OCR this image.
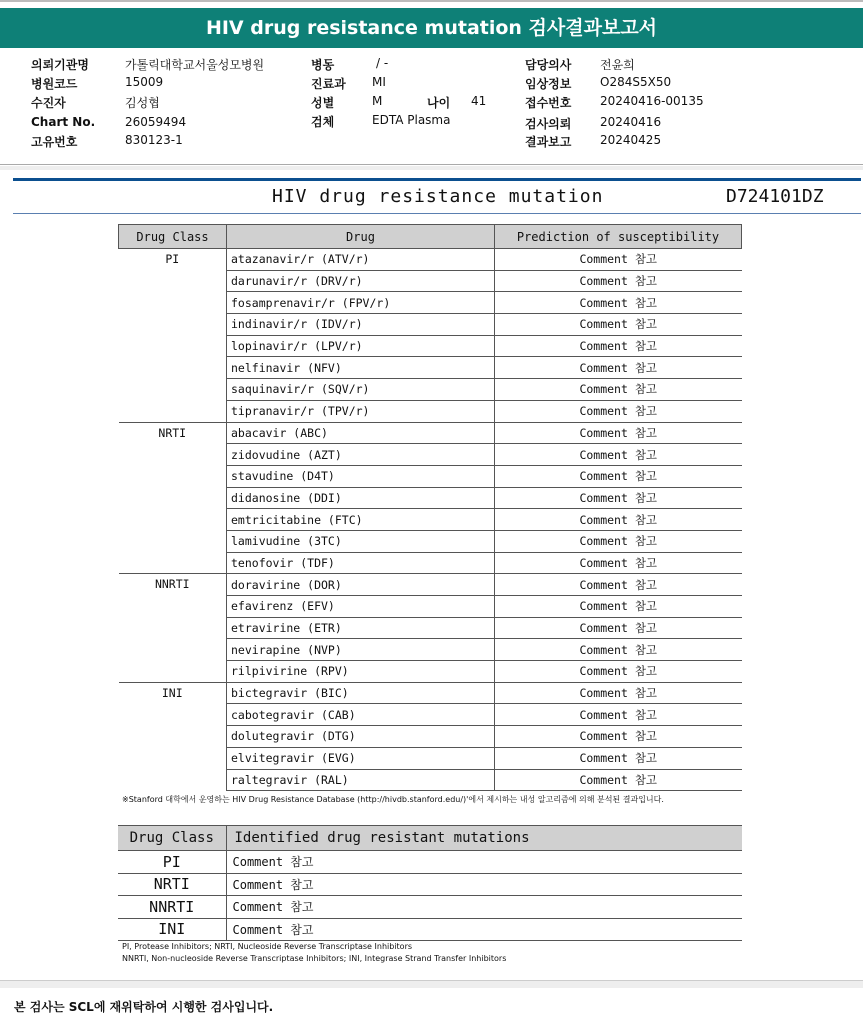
HIV drug resistance mutation 검사결과보고서
의뢰기관명	가톨릭대학교서울성모병원
병원코드	15009
수진자	김성협
Chart No. 26059494
고유번호	830123-1
병동	/ -
진료과 MI
성별	M	나이 41
검체	EDTA Plasma
담당의사 전윤희
임상정보 O284S5X50
접수번호 20240416-00135
검사의뢰 20240416
결과보고 20240425
HIV drug resistance mutation	D724101DZ
Drug Class	Drug	Prediction of susceptibility
PI	atazanavir/r (ATV/r)	Comment 참고
	darunavir/r (DRV/r)	Comment 참고
	fosamprenavir/r (FPV/r)	Comment 참고
	indinavir/r (IDV/r)	Comment 참고
	lopinavir/r (LPV/r)	Comment 참고
	nelfinavir (NFV)	Comment 참고
	saquinavir/r (SQV/r)	Comment 참고
	tipranavir/r (TPV/r)	Comment 참고
NRTI	abacavir (ABC)	Comment 참고
	zidovudine (AZT)	Comment 참고
	stavudine (D4T)	Comment 참고
	didanosine (DDI)	Comment 참고
	emtricitabine (FTC)	Comment 참고
	lamivudine (3TC)	Comment 참고
	tenofovir (TDF)	Comment 참고
NNRTI	doravirine (DOR)	Comment 참고
	efavirenz (EFV)	Comment 참고
	etravirine (ETR)	Comment 참고
	nevirapine (NVP)	Comment 참고
	rilpivirine (RPV)	Comment 참고
INI	bictegravir (BIC)	Comment 참고
	cabotegravir (CAB)	Comment 참고
	dolutegravir (DTG)	Comment 참고
	elvitegravir (EVG)	Comment 참고
	raltegravir (RAL)	Comment 참고
※Stanford 대학에서 운영하는 HIV Drug Resistance Database (http://hivdb.stanford.edu/)'에서 제시하는 내성 알고리즘에 의해 분석된 결과입니다.
Drug Class	Identified drug resistant mutations
PI	Comment 참고
NRTI	Comment 참고
NNRTI	Comment 참고
INI	Comment 참고
PI, Protease Inhibitors; NRTI, Nucleoside Reverse Transcriptase Inhibitors
NNRTI, Non-nucleoside Reverse Transcriptase Inhibitors; INI, Integrase Strand Transfer Inhibitors
본 검사는 SCL에 재위탁하여 시행한 검사입니다.
